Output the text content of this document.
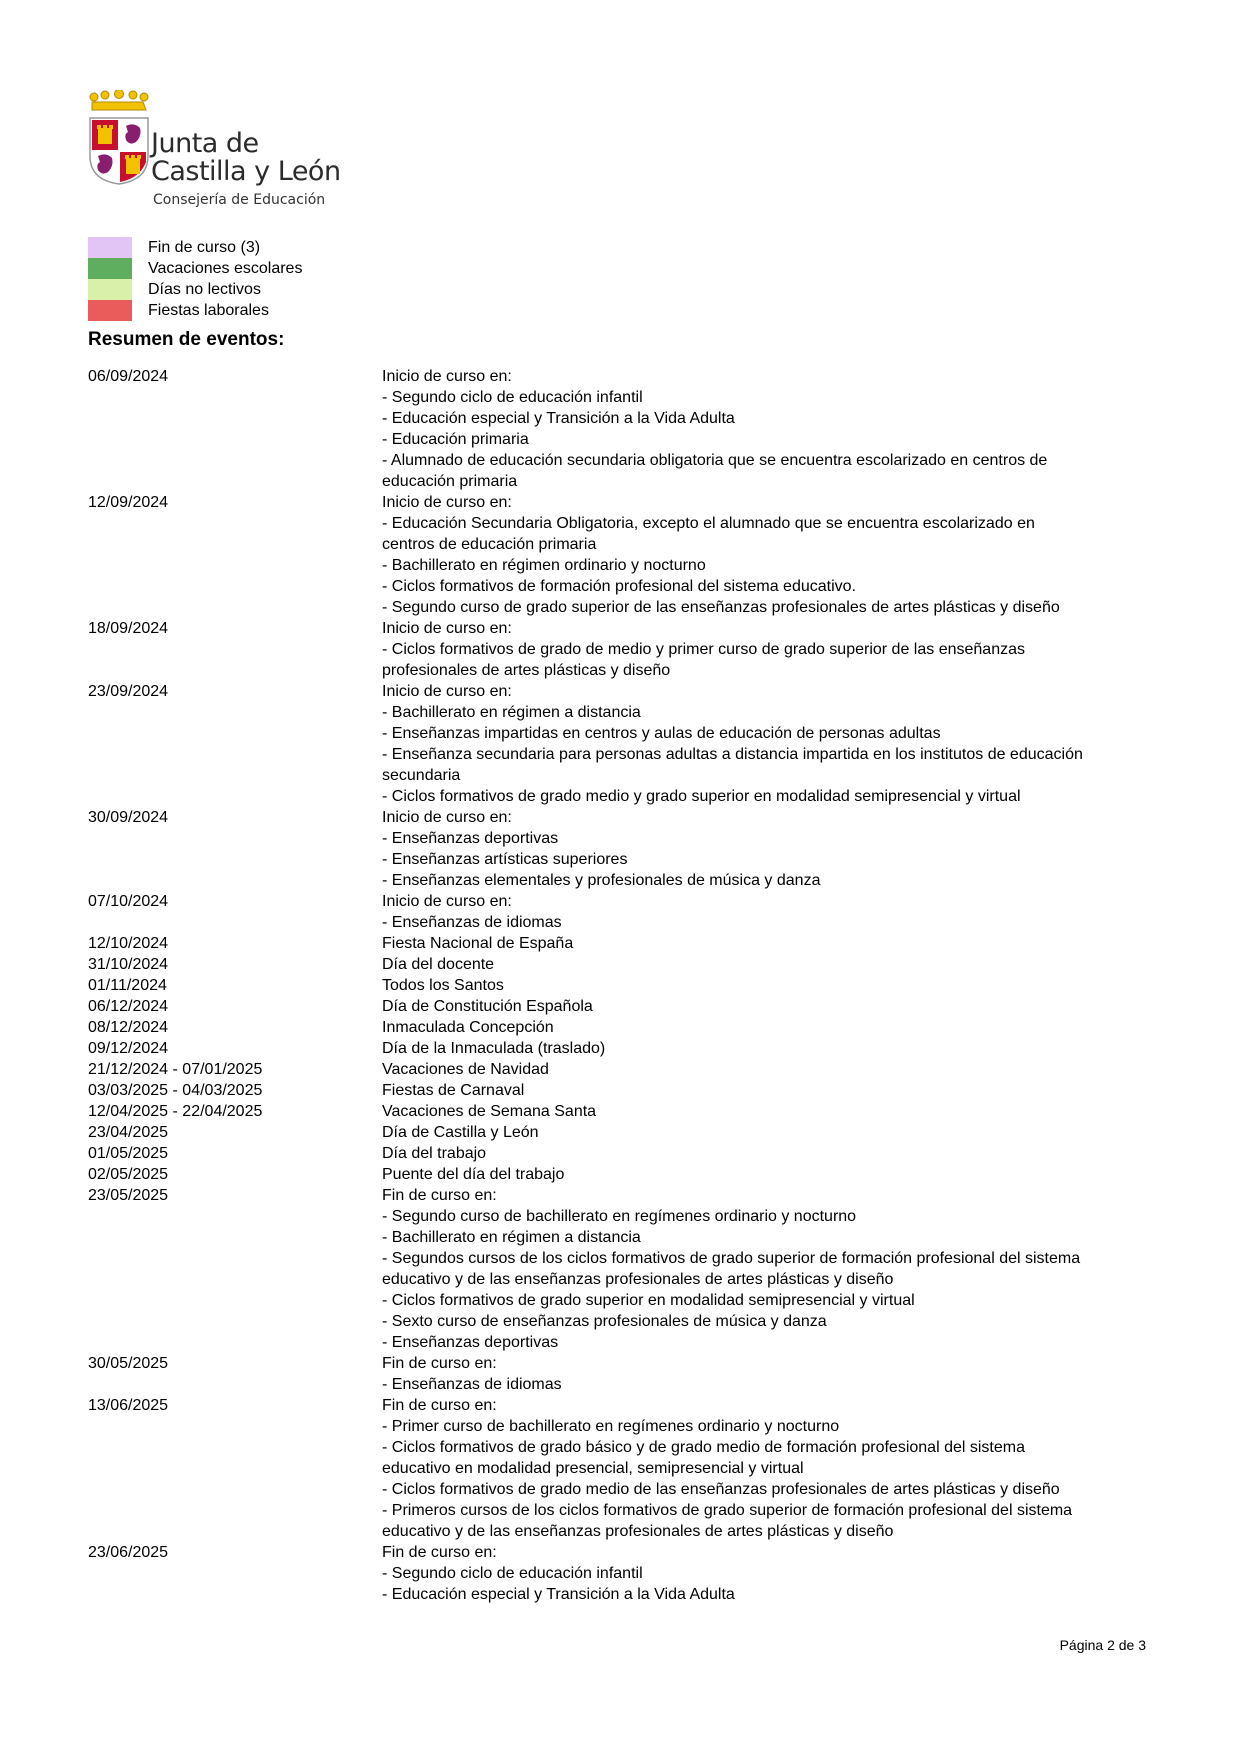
Junta de
Castilla y León
Consejería de Educación
Fin de curso (3)
Vacaciones escolares
Días no lectivos
Fiestas laborales
Resumen de eventos:
06/09/2024	Inicio de curso en:
- Segundo ciclo de educación infantil
- Educación especial y Transición a la Vida Adulta
- Educación primaria
- Alumnado de educación secundaria obligatoria que se encuentra escolarizado en centros de
educación primaria
12/09/2024	Inicio de curso en:
- Educación Secundaria Obligatoria, excepto el alumnado que se encuentra escolarizado en
centros de educación primaria
- Bachillerato en régimen ordinario y nocturno
- Ciclos formativos de formación profesional del sistema educativo.
- Segundo curso de grado superior de las enseñanzas profesionales de artes plásticas y diseño
18/09/2024	Inicio de curso en:
- Ciclos formativos de grado de medio y primer curso de grado superior de las enseñanzas
profesionales de artes plásticas y diseño
23/09/2024	Inicio de curso en:
- Bachillerato en régimen a distancia
- Enseñanzas impartidas en centros y aulas de educación de personas adultas
- Enseñanza secundaria para personas adultas a distancia impartida en los institutos de educación
secundaria
- Ciclos formativos de grado medio y grado superior en modalidad semipresencial y virtual
30/09/2024	Inicio de curso en:
- Enseñanzas deportivas
- Enseñanzas artísticas superiores
- Enseñanzas elementales y profesionales de música y danza
07/10/2024	Inicio de curso en:
- Enseñanzas de idiomas
12/10/2024	Fiesta Nacional de España
31/10/2024	Día del docente
01/11/2024	Todos los Santos
06/12/2024	Día de Constitución Española
08/12/2024	Inmaculada Concepción
09/12/2024	Día de la Inmaculada (traslado)
21/12/2024 - 07/01/2025	Vacaciones de Navidad
03/03/2025 - 04/03/2025	Fiestas de Carnaval
12/04/2025 - 22/04/2025	Vacaciones de Semana Santa
23/04/2025	Día de Castilla y León
01/05/2025	Día del trabajo
02/05/2025	Puente del día del trabajo
23/05/2025	Fin de curso en:
- Segundo curso de bachillerato en regímenes ordinario y nocturno
- Bachillerato en régimen a distancia
- Segundos cursos de los ciclos formativos de grado superior de formación profesional del sistema
educativo y de las enseñanzas profesionales de artes plásticas y diseño
- Ciclos formativos de grado superior en modalidad semipresencial y virtual
- Sexto curso de enseñanzas profesionales de música y danza
- Enseñanzas deportivas
30/05/2025	Fin de curso en:
- Enseñanzas de idiomas
13/06/2025	Fin de curso en:
- Primer curso de bachillerato en regímenes ordinario y nocturno
- Ciclos formativos de grado básico y de grado medio de formación profesional del sistema
educativo en modalidad presencial, semipresencial y virtual
- Ciclos formativos de grado medio de las enseñanzas profesionales de artes plásticas y diseño
- Primeros cursos de los ciclos formativos de grado superior de formación profesional del sistema
educativo y de las enseñanzas profesionales de artes plásticas y diseño
23/06/2025	Fin de curso en:
- Segundo ciclo de educación infantil
- Educación especial y Transición a la Vida Adulta
Página 2 de 3
